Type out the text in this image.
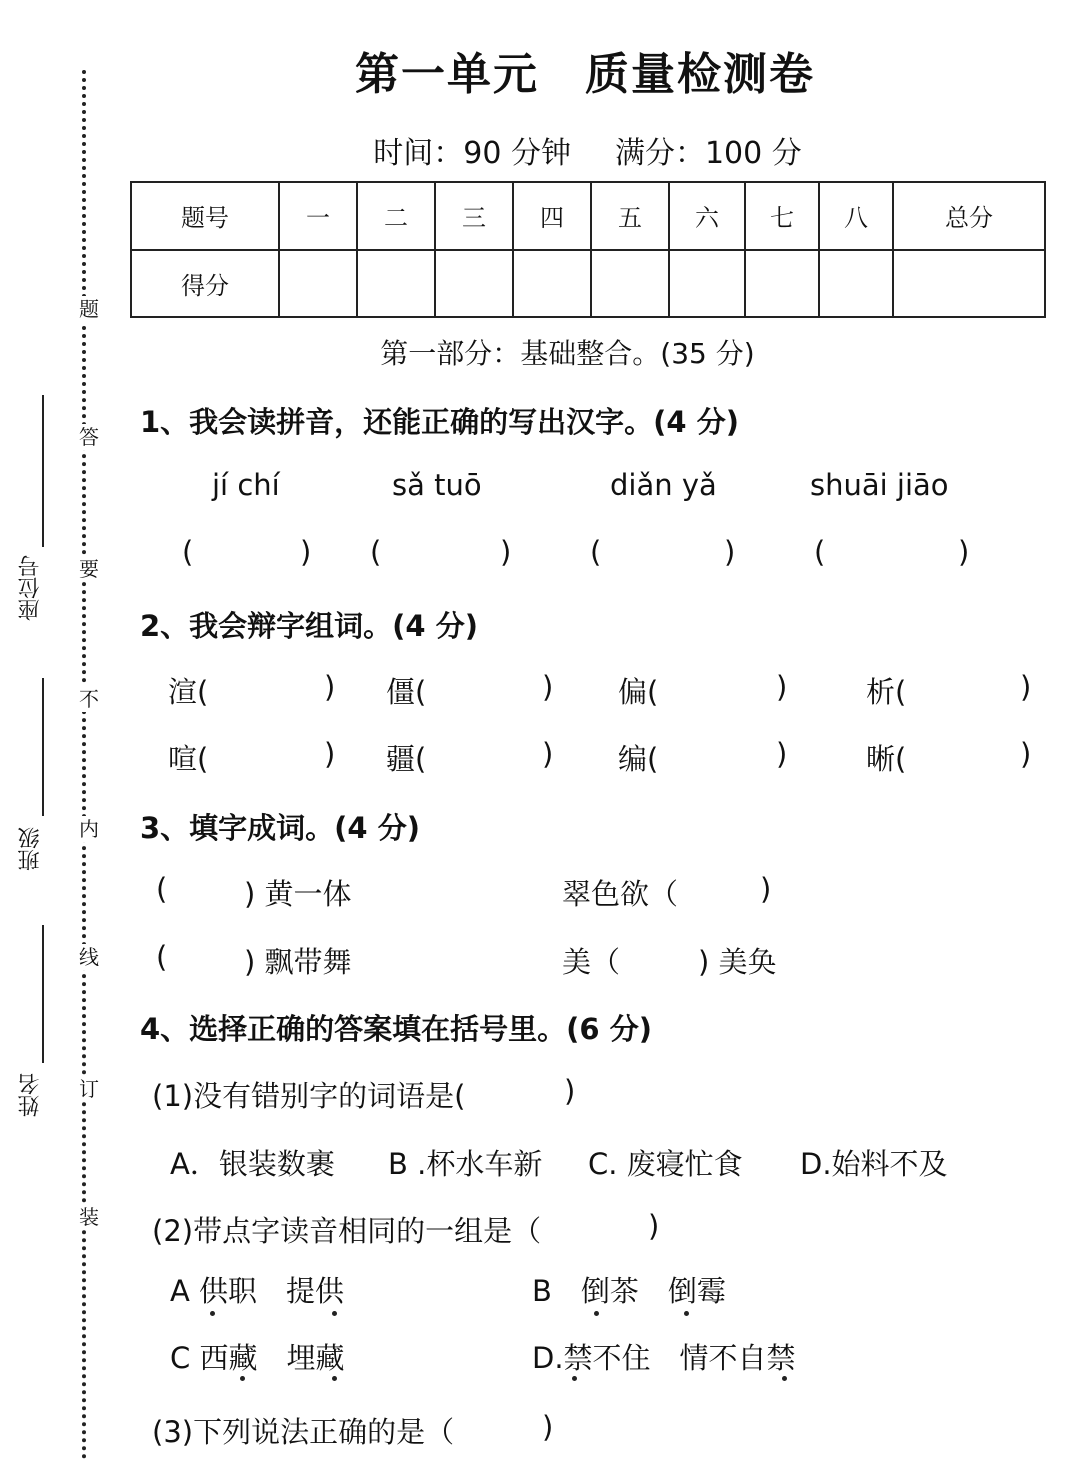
题
答
要
不
内
线
订
装
座位号
班级
姓名
第一单元　质量检测卷
时间：90 分钟 满分：100 分
题号	一	二	三	四	五	六	七	八	总分
得分									
第一部分：基础整合。(35 分)
1、我会读拼音，还能正确的写出汉字。(4 分)
jí chí	sǎ tuō	diǎn yǎ	shuāi jiāo
(	) (	)	(	)	(	)
2、我会辩字组词。(4 分)
渲(	) 僵(	) 偏(	)	析(	)
喧(	) 疆(	) 编(	)	晰(	)
3、填字成词。(4 分)
(	) 黄一体	翠色欲（	)
(	) 飘带舞	美（	) 美奂
4、选择正确的答案填在括号里。(6 分)
(1)没有错别字的词语是(	)
A．银装数裹 B .杯水车新 C. 废寝忙食 D.始料不及
(2)带点字读音相同的一组是（	)
A 供职　提供	B　倒茶　倒霉
C 西藏　埋藏	D.禁不住　情不自禁
(3)下列说法正确的是（	)
